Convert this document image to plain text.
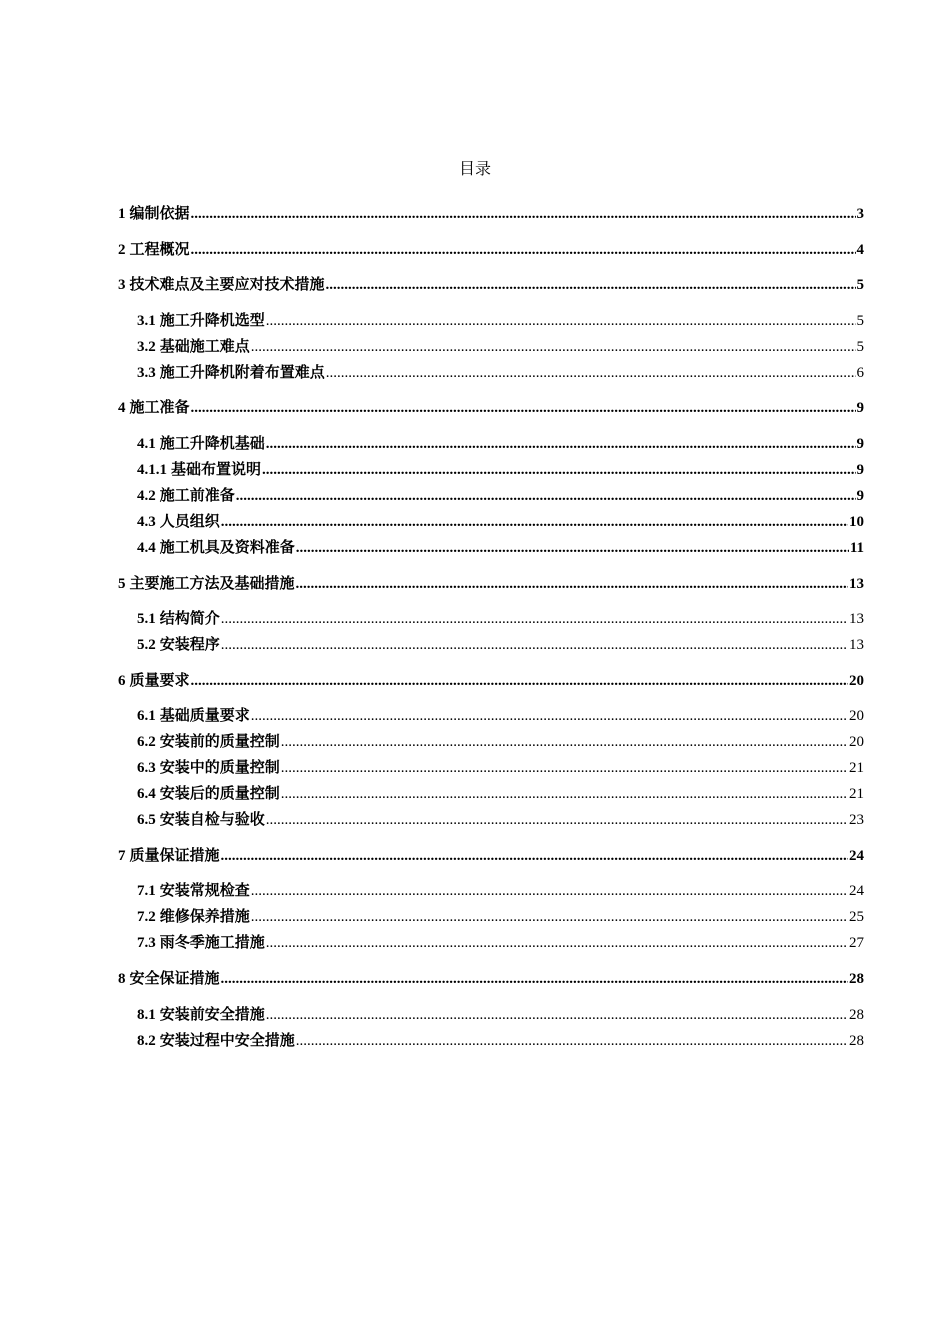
目录
1 编制依据 .....	3
2 工程概况 .....	4
3 技术难点及主要应对技术措施 .....	5
3.1 施工升降机选型 .....	5
3.2 基础施工难点 .....	5
3.3 施工升降机附着布置难点 .....	6
4 施工准备 .....	9
4.1 施工升降机基础 .....	9
4.1.1 基础布置说明 .....	9
4.2 施工前准备 .....	9
4.3 人员组织 .....	10
4.4 施工机具及资料准备 .....	11
5 主要施工方法及基础措施 .....	13
5.1 结构简介 .....	13
5.2 安装程序 .....	13
6 质量要求 .....	20
6.1 基础质量要求 .....	20
6.2 安装前的质量控制 .....	20
6.3 安装中的质量控制 .....	21
6.4 安装后的质量控制 .....	21
6.5 安装自检与验收 .....	23
7 质量保证措施 .....	24
7.1 安装常规检查 .....	24
7.2 维修保养措施 .....	25
7.3 雨冬季施工措施 .....	27
8 安全保证措施 .....	28
8.1 安装前安全措施 .....	28
8.2 安装过程中安全措施 .....	28
